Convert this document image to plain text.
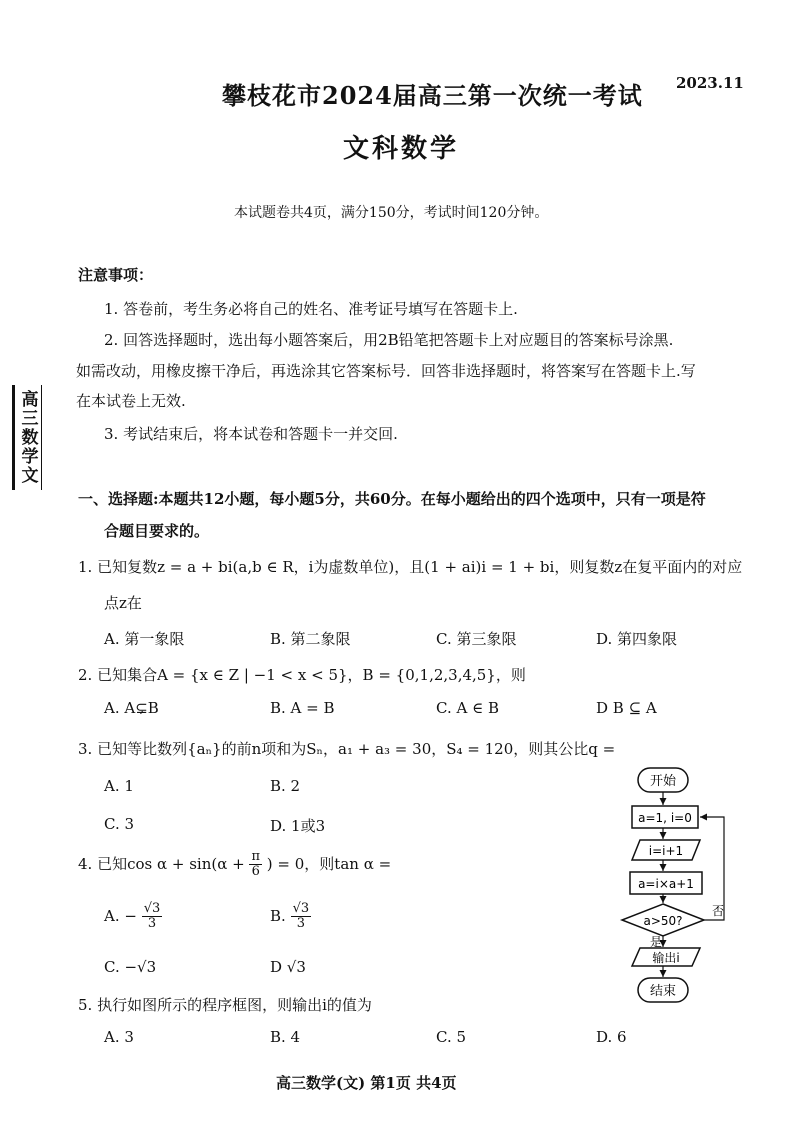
攀枝花市2024届高三第一次统一考试 2023.11
文科数学
本试题卷共4页，满分150分，考试时间120分钟。
注意事项：
1. 答卷前，考生务必将自己的姓名、准考证号填写在答题卡上.
2. 回答选择题时，选出每小题答案后，用2B铅笔把答题卡上对应题目的答案标号涂黑.
如需改动，用橡皮擦干净后，再选涂其它答案标号．回答非选择题时，将答案写在答题卡上.写
在本试卷上无效.
3. 考试结束后，将本试卷和答题卡一并交回.
高三数学文
一、选择题:本题共12小题，每小题5分，共60分。在每小题给出的四个选项中，只有一项是符
合题目要求的。
1. 已知复数z = a + bi(a,b ∈ R，i为虚数单位)，且(1 + ai)i = 1 + bi，则复数z在复平面内的对应
点z在
A. 第一象限	B. 第二象限	C. 第三象限	D. 第四象限
2. 已知集合A = {x ∈ Z | −1 < x < 5}，B = {0,1,2,3,4,5}，则
A. A⊊B	B. A = B	C. A ∈ B	D B ⊆ A
3. 已知等比数列{aₙ}的前n项和为Sₙ，a₁ + a₃ = 30，S₄ = 120，则其公比q =
A. 1	B. 2
C. 3	D. 1或3
4. 已知$\cos \alpha + \sin(\alpha + \frac{\pi}{6}$ ) = 0，则tan α =
A. − $\frac{√3}{3}$	B. $\frac{√3}{3}$
C. −√3	D √3
5. 执行如图所示的程序框图，则输出i的值为
A. 3	B. 4	C. 5	D. 6
开始
a=1, i=0
i=i+1
a=i×a+1
a>50?
否
是
输出i
结束
高三数学(文) 第1页 共4页
